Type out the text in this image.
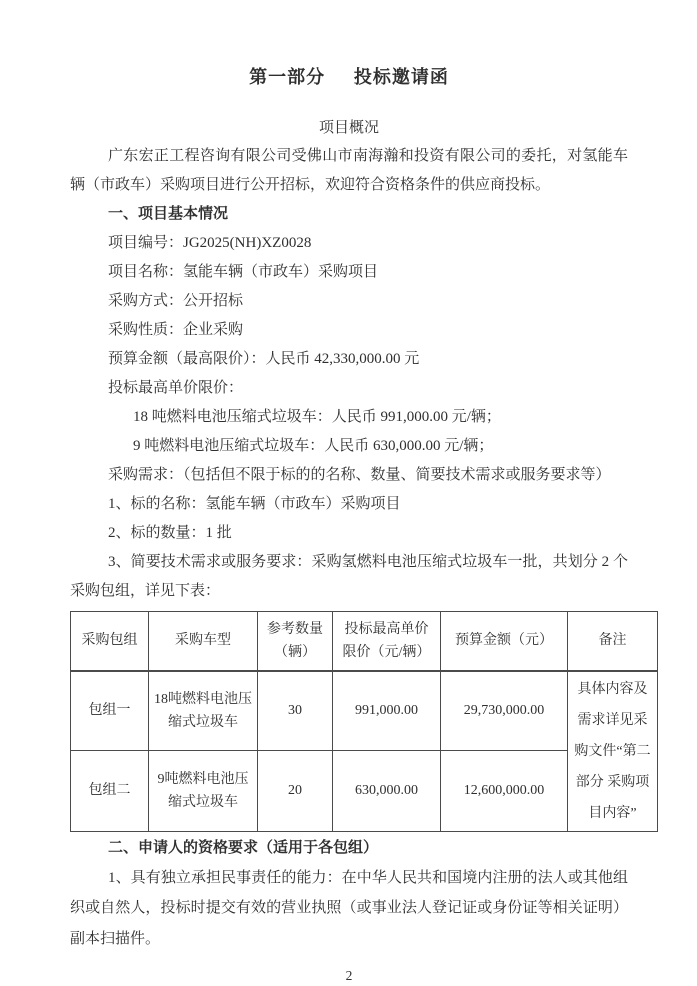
第一部分 投标邀请函
项目概况

广东宏正工程咨询有限公司受佛山市南海瀚和投资有限公司的委托，对氢能车辆（市政车）采购项目进行公开招标，欢迎符合资格条件的供应商投标。

一、项目基本情况

项目编号：JG2025(NH)XZ0028

项目名称：氢能车辆（市政车）采购项目

采购方式：公开招标

采购性质：企业采购

预算金额（最高限价）：人民币 42,330,000.00 元

投标最高单价限价：

18 吨燃料电池压缩式垃圾车：人民币 991,000.00 元/辆；

9 吨燃料电池压缩式垃圾车：人民币 630,000.00 元/辆；

采购需求：（包括但不限于标的的名称、数量、简要技术需求或服务要求等）

1、标的名称：氢能车辆（市政车）采购项目

2、标的数量：1 批

3、简要技术需求或服务要求：采购氢燃料电池压缩式垃圾车一批，共划分 2 个采购包组，详见下表：

采购包组	采购车型	参考数量（辆）	投标最高单价限价（元/辆）	预算金额（元）	备注
包组一	18吨燃料电池压缩式垃圾车	30	991,000.00	29,730,000.00	具体内容及需求详见采购文件“第二部分 采购项目内容”
包组二	9吨燃料电池压缩式垃圾车	20	630,000.00	12,600,000.00	

二、申请人的资格要求（适用于各包组）

1、具有独立承担民事责任的能力：在中华人民共和国境内注册的法人或其他组织或自然人，投标时提交有效的营业执照（或事业法人登记证或身份证等相关证明）副本扫描件。

2
